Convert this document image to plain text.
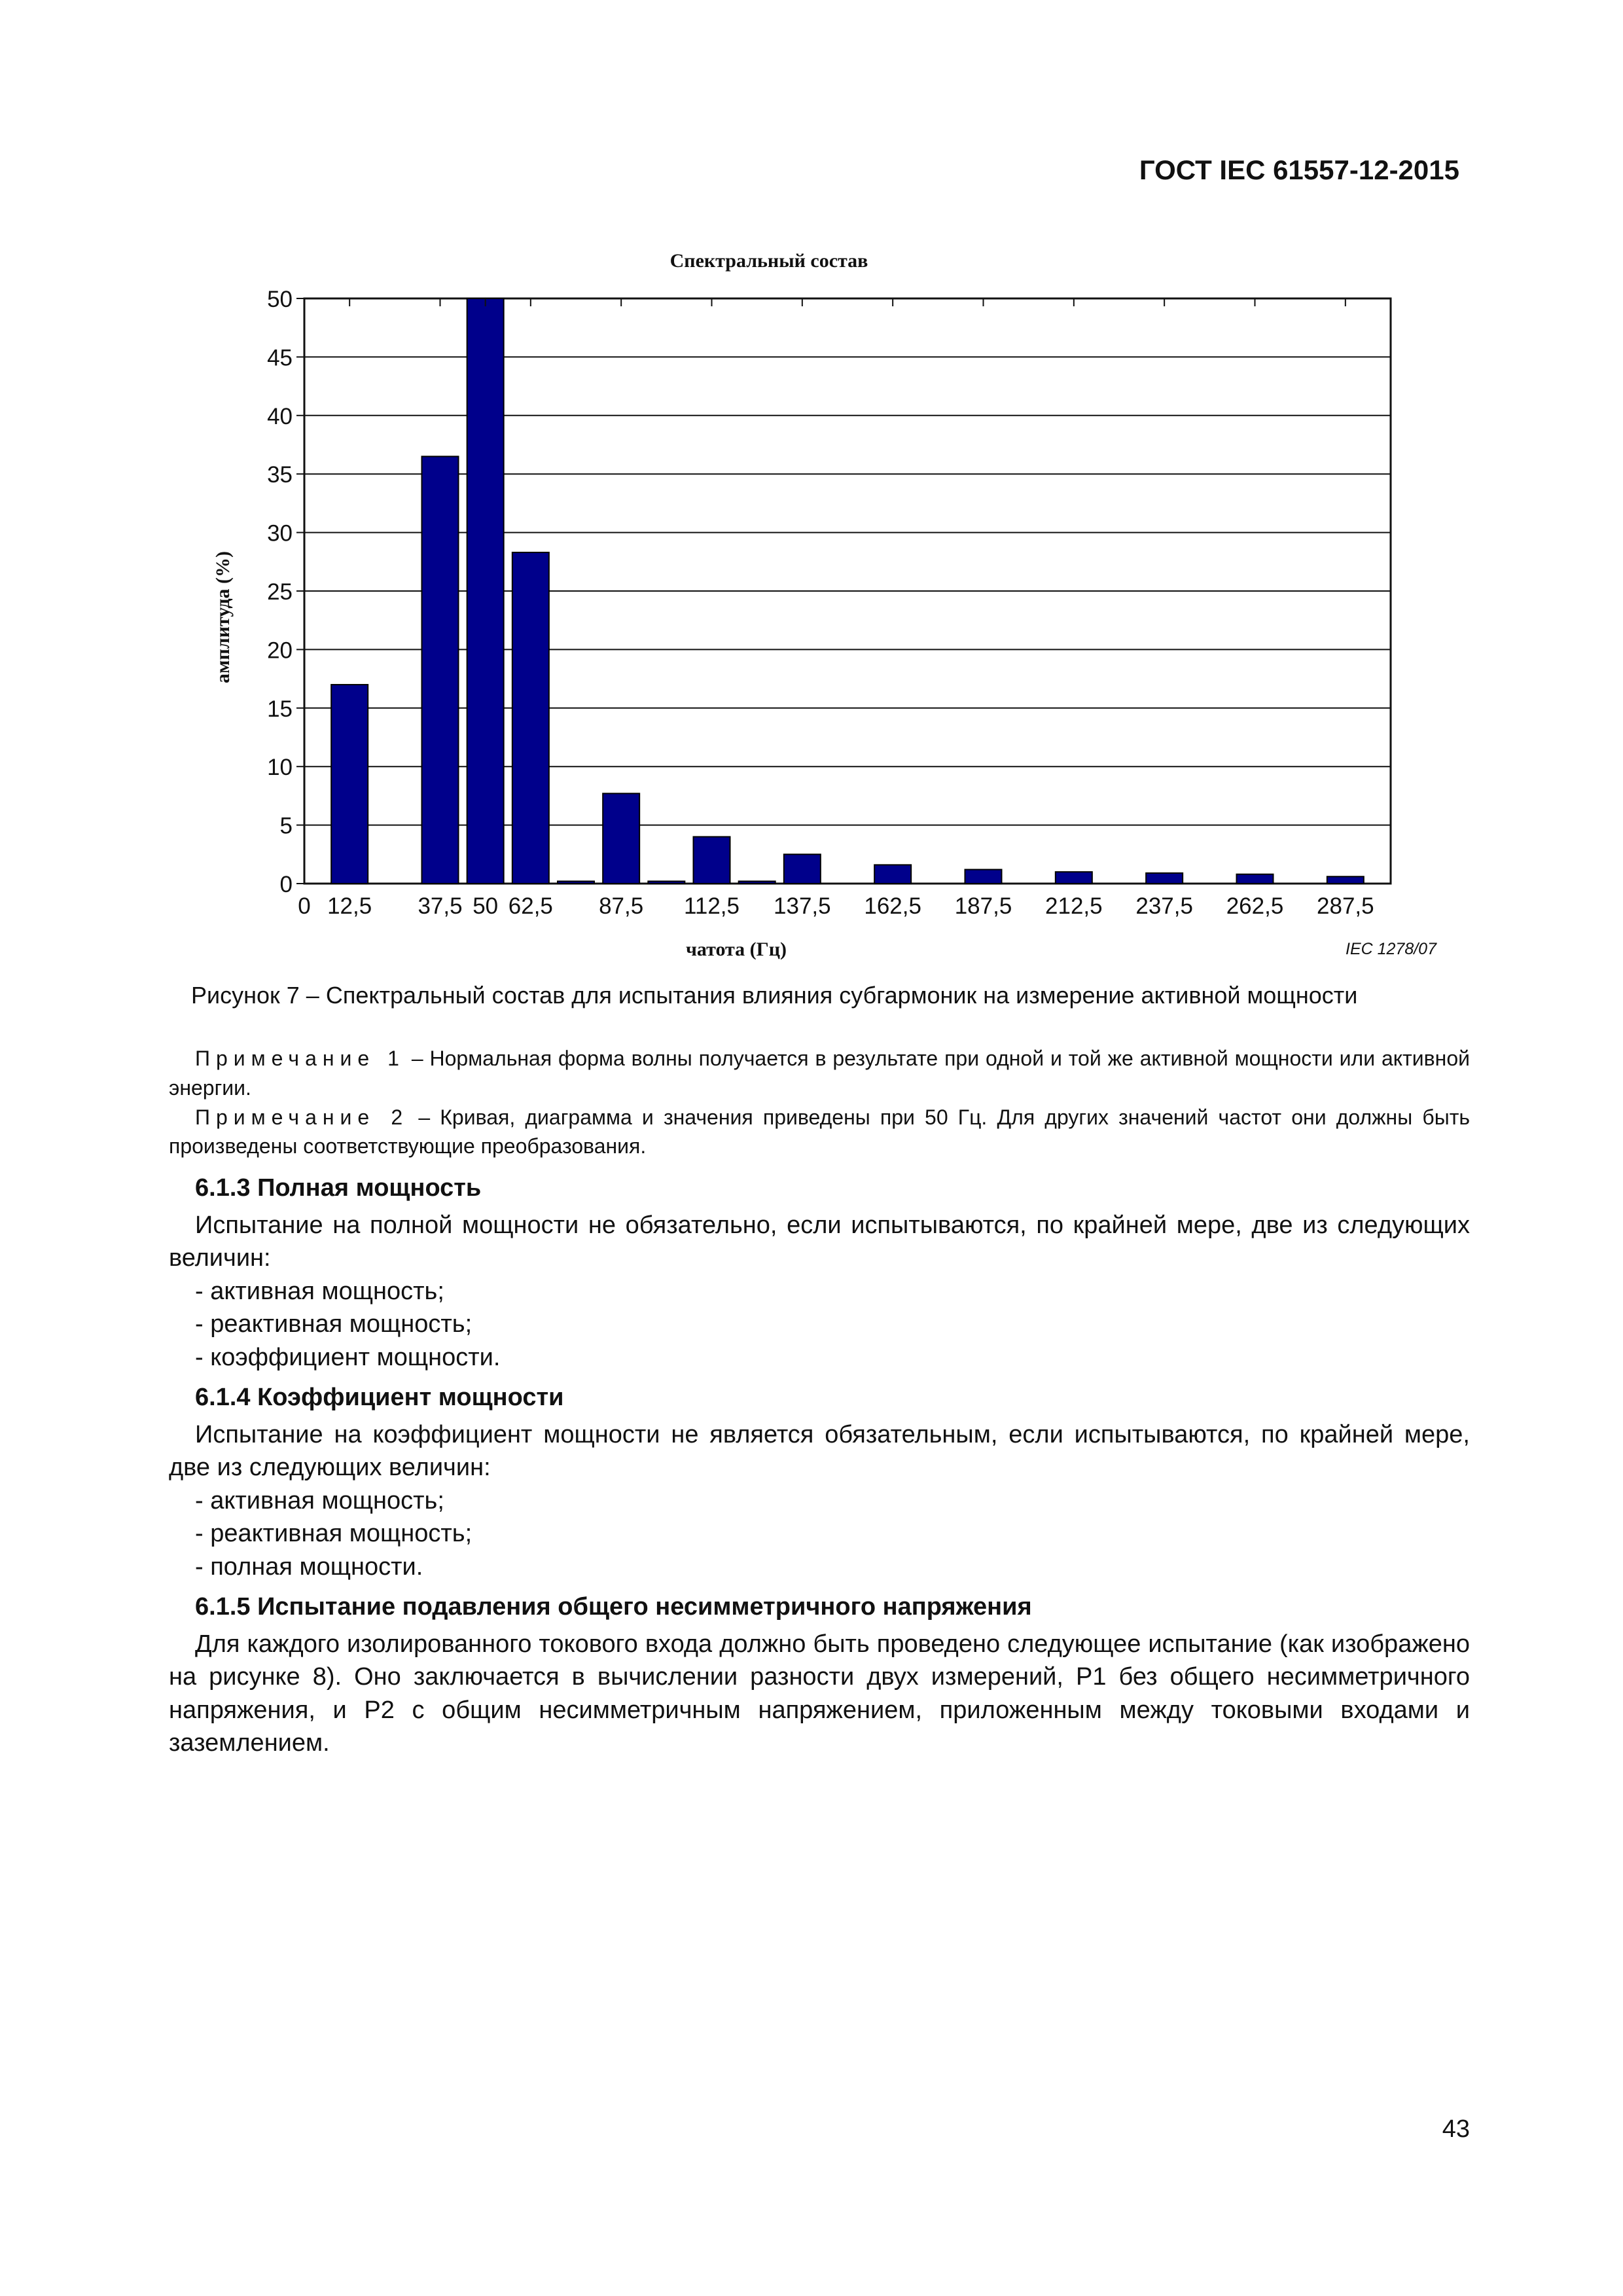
ГОСТ IEC 61557-12-2015
0
5
10
15
20
25
30
35
40
45
50
0 12,5 37,5 50 62,5 87,5 112,5 137,5 162,5 187,5 212,5 237,5 262,5 287,5
Спектральный состав
чатота (Гц)
амплитуда (%)
IEC 1278/07
Рисунок 7 – Спектральный состав для испытания влияния субгармоник на измерение активной мощности

Примечание 1 – Нормальная форма волны получается в результате при одной и той же активной мощности или активной энергии.

Примечание 2 – Кривая, диаграмма и значения приведены при 50 Гц. Для других значений частот они должны быть произведены соответствующие преобразования.

6.1.3 Полная мощность

Испытание на полной мощности не обязательно, если испытываются, по крайней мере, две из следующих величин:

- активная мощность;
- реактивная мощность;
- коэффициент мощности.
6.1.4 Коэффициент мощности

Испытание на коэффициент мощности не является обязательным, если испытываются, по крайней мере, две из следующих величин:

- активная мощность;
- реактивная мощность;
- полная мощности.
6.1.5 Испытание подавления общего несимметричного напряжения

Для каждого изолированного токового входа должно быть проведено следующее испытание (как изображено на рисунке 8). Оно заключается в вычислении разности двух измерений, P1 без общего несимметричного напряжения, и P2 с общим несимметричным напряжением, приложенным между токовыми входами и заземлением.

43
